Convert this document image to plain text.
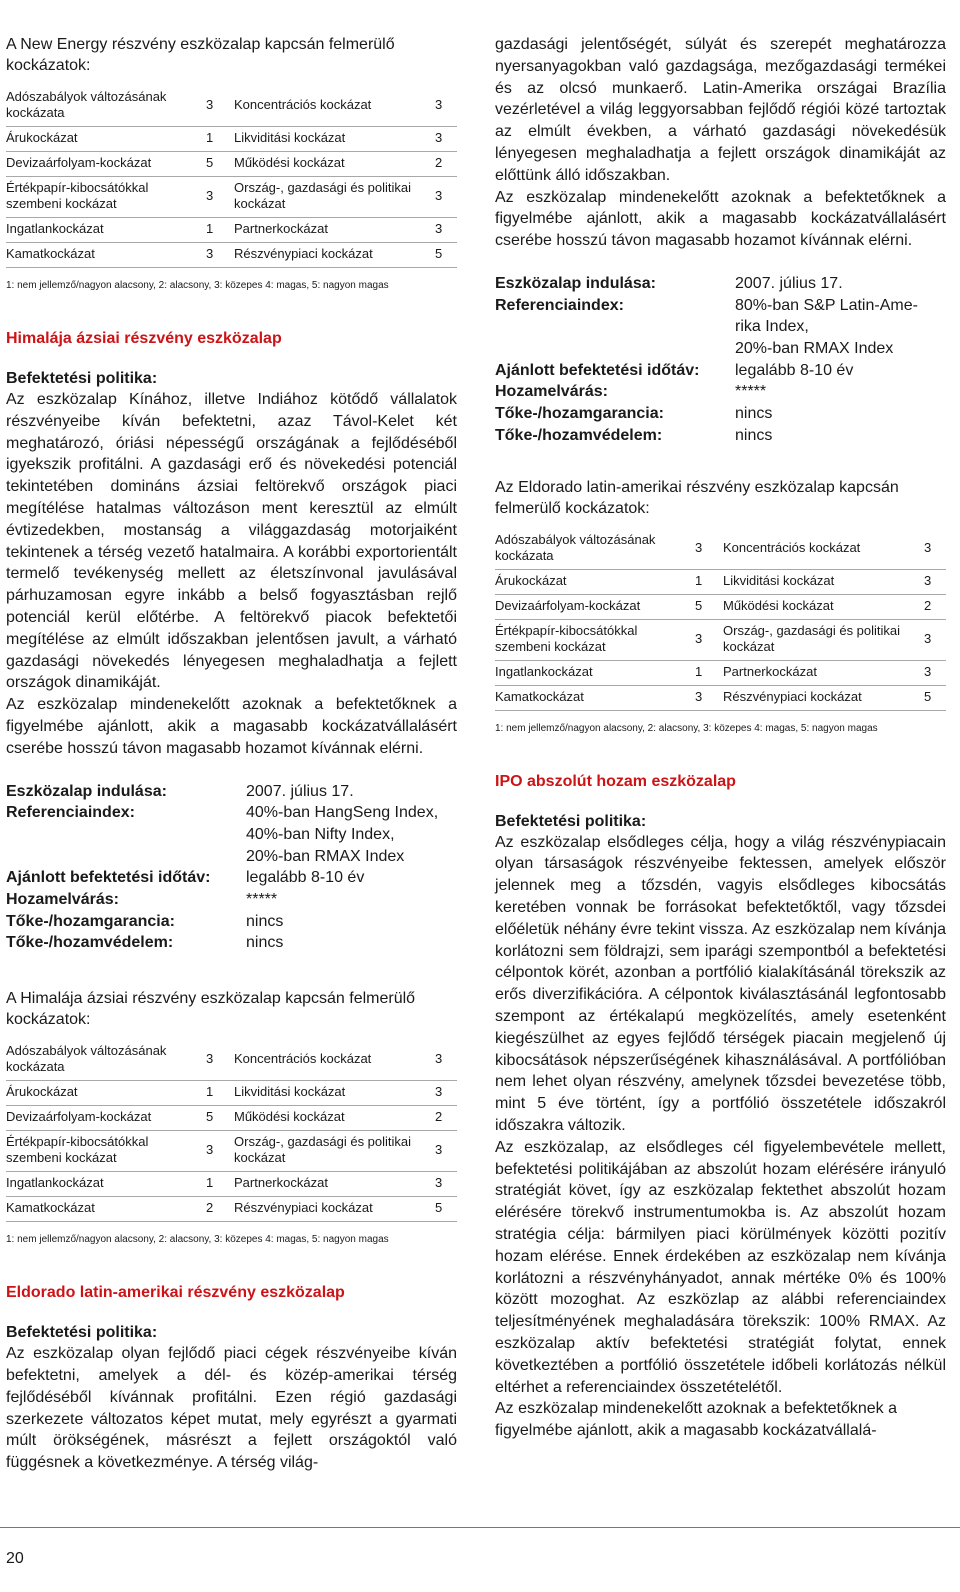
A New Energy részvény eszközalap kapcsán felmerülő kockázatok:

Adószabályok változásának kockázata	3	Koncentrációs kockázat	3
Árukockázat	1	Likviditási kockázat	3
Devizaárfolyam-kockázat	5	Működési kockázat	2
Értékpapír-kibocsátókkal szembeni kockázat	3	Ország-, gazdasági és politikai kockázat	3
Ingatlankockázat	1	Partnerkockázat	3
Kamatkockázat	3	Részvénypiaci kockázat	5

1: nem jellemző/nagyon alacsony, 2: alacsony, 3: közepes 4: magas, 5: nagyon magas

Himalája ázsiai részvény eszközalap

Befektetési politika:

Az eszközalap Kínához, illetve Indiához kötődő vállalatok részvényeibe kíván befektetni, azaz Távol-Kelet két meghatározó, óriási népességű országának a fejlődéséből igyekszik profitálni. A gazdasági erő és növekedési potenciál tekintetében domináns ázsiai feltörekvő országok piaci megítélése hatalmas változáson ment keresztül az elmúlt évtizedekben, mostanság a világgazdaság motorjaiként tekintenek a térség vezető hatalmaira. A korábbi exportorientált termelő tevékenység mellett az életszínvonal javulásával párhuzamosan egyre inkább a belső fogyasztásban rejlő potenciál kerül előtérbe. A feltörekvő piacok befektetői megítélése az elmúlt időszakban jelentősen javult, a várható gazdasági növekedés lényegesen meghaladhatja a fejlett országok dinamikáját.

Az eszközalap mindenekelőtt azoknak a befektetőknek a figyelmébe ajánlott, akik a magasabb kockázatvállalásért cserébe hosszú távon magasabb hozamot kívánnak elérni.

Eszközalap indulása:	2007. július 17.
Referenciaindex:	40%-ban HangSeng Index,
	40%-ban Nifty Index,
	20%-ban RMAX Index
Ajánlott befektetési időtáv:	legalább 8-10 év
Hozamelvárás:	*****
Tőke-/hozamgarancia:	nincs
Tőke-/hozamvédelem:	nincs

A Himalája ázsiai részvény eszközalap kapcsán felmerülő kockázatok:

Adószabályok változásának kockázata	3	Koncentrációs kockázat	3
Árukockázat	1	Likviditási kockázat	3
Devizaárfolyam-kockázat	5	Működési kockázat	2
Értékpapír-kibocsátókkal szembeni kockázat	3	Ország-, gazdasági és politikai kockázat	3
Ingatlankockázat	1	Partnerkockázat	3
Kamatkockázat	2	Részvénypiaci kockázat	5

1: nem jellemző/nagyon alacsony, 2: alacsony, 3: közepes 4: magas, 5: nagyon magas

Eldorado latin-amerikai részvény eszközalap

Befektetési politika:

Az eszközalap olyan fejlődő piaci cégek részvényeibe kíván befektetni, amelyek a dél- és közép-amerikai térség fejlődéséből kívánnak profitálni. Ezen régió gazdasági szerkezete változatos képet mutat, mely egyrészt a gyarmati múlt örökségének, másrészt a fejlett országoktól való függésnek a következménye. A térség világ-

gazdasági jelentőségét, súlyát és szerepét meghatározza nyersanyagokban való gazdagsága, mezőgazdasági termékei és az olcsó munkaerő. Latin-Amerika országai Brazília vezérletével a világ leggyorsabban fejlődő régiói közé tartoztak az elmúlt években, a várható gazdasági növekedésük lényegesen meghaladhatja a fejlett országok dinamikáját az előttünk álló időszakban.

Az eszközalap mindenekelőtt azoknak a befektetőknek a figyelmébe ajánlott, akik a magasabb kockázatvállalásért cserébe hosszú távon magasabb hozamot kívánnak elérni.

Eszközalap indulása:	2007. július 17.
Referenciaindex:	80%-ban S&P Latin-Ame-
	rika Index,
	20%-ban RMAX Index
Ajánlott befektetési időtáv:	legalább 8-10 év
Hozamelvárás:	*****
Tőke-/hozamgarancia:	nincs
Tőke-/hozamvédelem:	nincs

Az Eldorado latin-amerikai részvény eszközalap kapcsán felmerülő kockázatok:

Adószabályok változásának kockázata	3	Koncentrációs kockázat	3
Árukockázat	1	Likviditási kockázat	3
Devizaárfolyam-kockázat	5	Működési kockázat	2
Értékpapír-kibocsátókkal szembeni kockázat	3	Ország-, gazdasági és politikai kockázat	3
Ingatlankockázat	1	Partnerkockázat	3
Kamatkockázat	3	Részvénypiaci kockázat	5

1: nem jellemző/nagyon alacsony, 2: alacsony, 3: közepes 4: magas, 5: nagyon magas

IPO abszolút hozam eszközalap

Befektetési politika:

Az eszközalap elsődleges célja, hogy a világ részvénypiacain olyan társaságok részvényeibe fektessen, amelyek először jelennek meg a tőzsdén, vagyis elsődleges kibocsátás keretében vonnak be forrásokat befektetőktől, vagy tőzsdei előéletük néhány évre tekint vissza. Az eszközalap nem kívánja korlátozni sem földrajzi, sem iparági szempontból a befektetési célpontok körét, azonban a portfólió kialakításánál törekszik az erős diverzifikációra. A célpontok kiválasztásánál legfontosabb szempont az értékalapú megközelítés, amely esetenként kiegészülhet az egyes fejlődő térségek piacain megjelenő új kibocsátások népszerűségének kihasználásával. A portfólióban nem lehet olyan részvény, amelynek tőzsdei bevezetése több, mint 5 éve történt, így a portfólió összetétele időszakról időszakra változik.

Az eszközalap, az elsődleges cél figyelembevétele mellett, befektetési politikájában az abszolút hozam elérésére irányuló stratégiát követ, így az eszközalap fektethet abszolút hozam elérésére törekvő instrumentumokba is. Az abszolút hozam stratégia célja: bármilyen piaci körülmények közötti pozitív hozam elérése. Ennek érdekében az eszközalap nem kívánja korlátozni a részvényhányadot, annak mértéke 0% és 100% között mozoghat. Az eszközlap az alábbi referenciaindex teljesítményének meghaladására törekszik: 100% RMAX. Az eszközalap aktív befektetési stratégiát folytat, ennek következtében a portfólió összetétele időbeli korlátozás nélkül eltérhet a referenciaindex összetételétől.

Az eszközalap mindenekelőtt azoknak a befektetőknek a figyelmébe ajánlott, akik a magasabb kockázatvállalá-

20
